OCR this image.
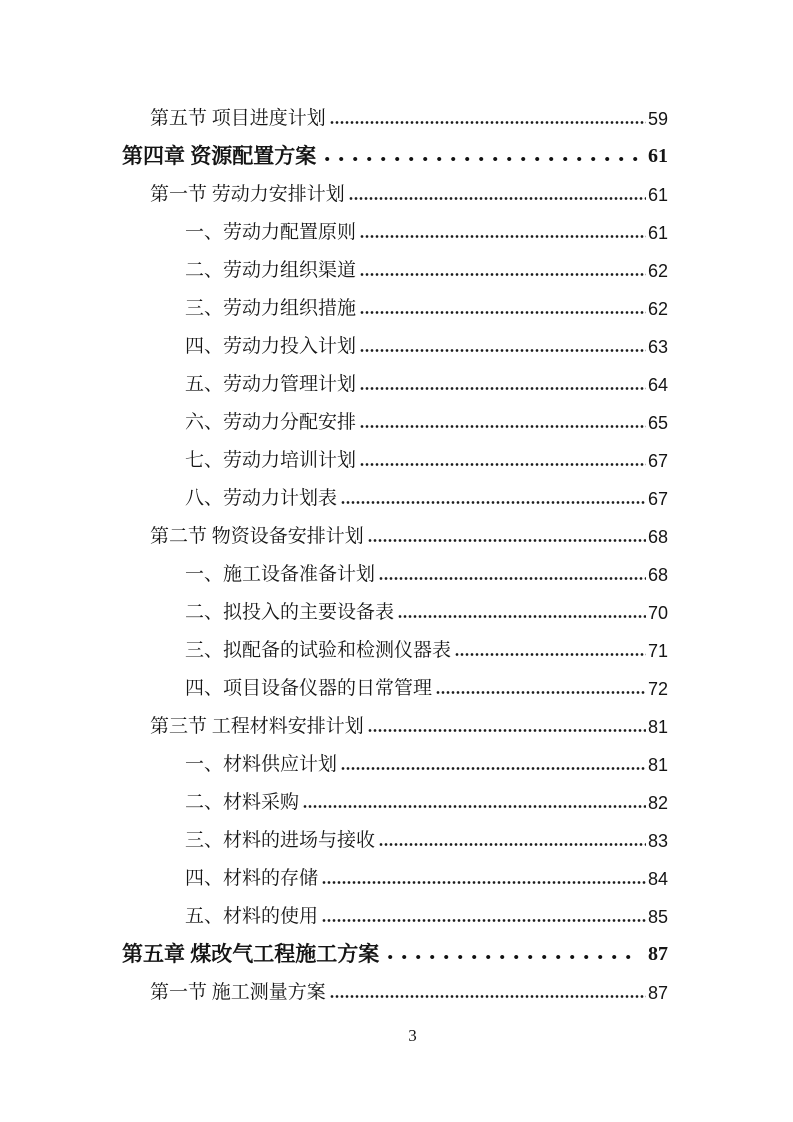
第五节 项目进度计划	59
第四章 资源配置方案	61
第一节 劳动力安排计划	61
一、劳动力配置原则	61
二、劳动力组织渠道	62
三、劳动力组织措施	62
四、劳动力投入计划	63
五、劳动力管理计划	64
六、劳动力分配安排	65
七、劳动力培训计划	67
八、劳动力计划表	67
第二节 物资设备安排计划	68
一、施工设备准备计划	68
二、拟投入的主要设备表	70
三、拟配备的试验和检测仪器表	71
四、项目设备仪器的日常管理	72
第三节 工程材料安排计划	81
一、材料供应计划	81
二、材料采购	82
三、材料的进场与接收	83
四、材料的存储	84
五、材料的使用	85
第五章 煤改气工程施工方案	87
第一节 施工测量方案	87
3
